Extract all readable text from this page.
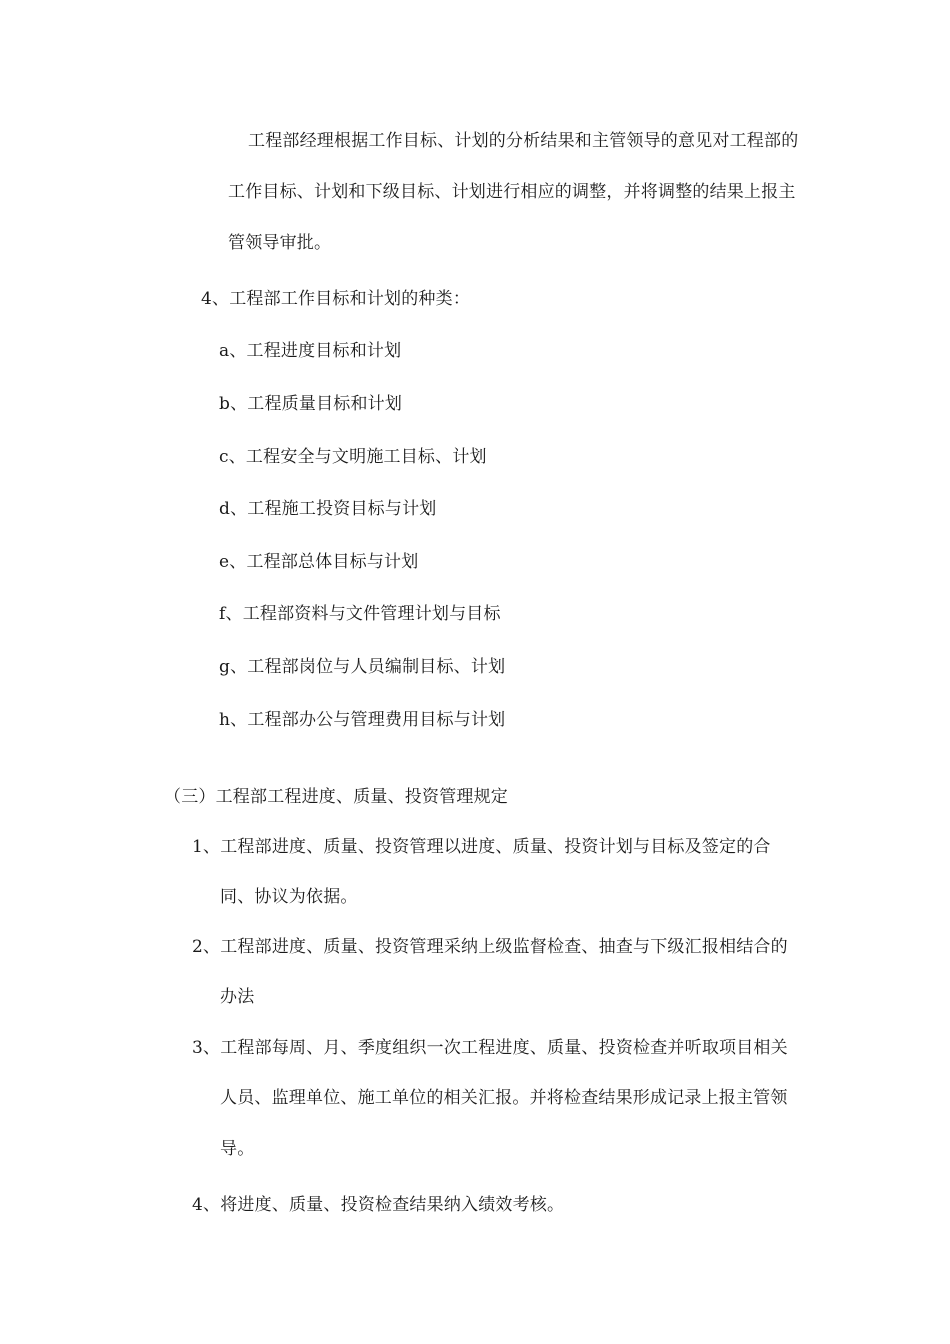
工程部经理根据工作目标、计划的分析结果和主管领导的意见对工程部的
工作目标、计划和下级目标、计划进行相应的调整，并将调整的结果上报主
管领导审批。
4、工程部工作目标和计划的种类：
a、工程进度目标和计划
b、工程质量目标和计划
c、工程安全与文明施工目标、计划
d、工程施工投资目标与计划
e、工程部总体目标与计划
f、工程部资料与文件管理计划与目标
g、工程部岗位与人员编制目标、计划
h、工程部办公与管理费用目标与计划
（三）工程部工程进度、质量、投资管理规定
1、工程部进度、质量、投资管理以进度、质量、投资计划与目标及签定的合
同、协议为依据。
2、工程部进度、质量、投资管理采纳上级监督检查、抽查与下级汇报相结合的
办法
3、工程部每周、月、季度组织一次工程进度、质量、投资检查并听取项目相关
人员、监理单位、施工单位的相关汇报。并将检查结果形成记录上报主管领
导。
4、将进度、质量、投资检查结果纳入绩效考核。
